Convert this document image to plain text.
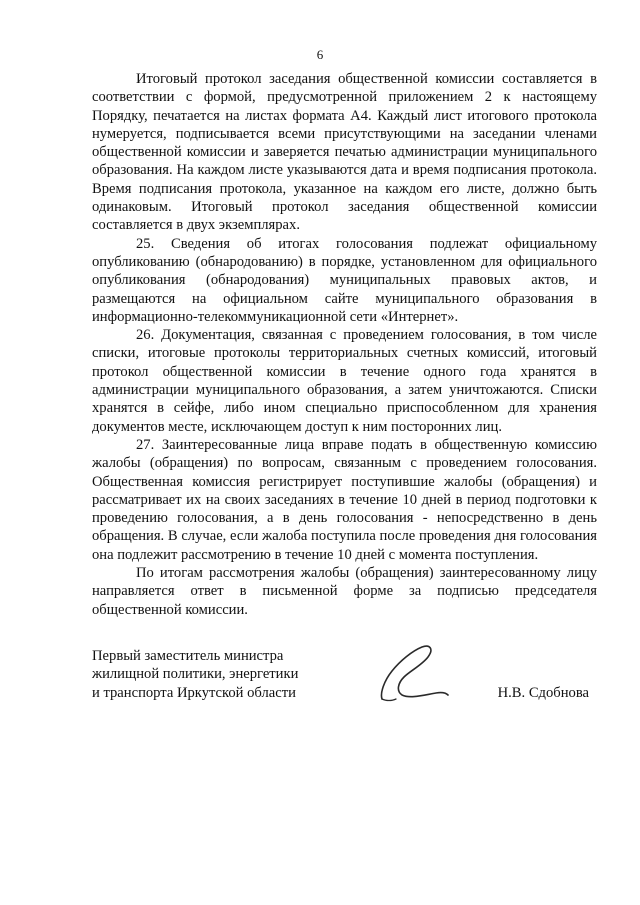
6

Итоговый протокол заседания общественной комиссии составляется в соответствии с формой, предусмотренной приложением 2 к настоящему Порядку, печатается на листах формата А4. Каждый лист итогового протокола нумеруется, подписывается всеми присутствующими на заседании членами общественной комиссии и заверяется печатью администрации муниципального образования. На каждом листе указываются дата и время подписания протокола. Время подписания протокола, указанное на каждом его листе, должно быть одинаковым. Итоговый протокол заседания общественной комиссии составляется в двух экземплярах.

25. Сведения об итогах голосования подлежат официальному опубликованию (обнародованию) в порядке, установленном для официального опубликования (обнародования) муниципальных правовых актов, и размещаются на официальном сайте муниципального образования в информационно-телекоммуникационной сети «Интернет».

26. Документация, связанная с проведением голосования, в том числе списки, итоговые протоколы территориальных счетных комиссий, итоговый протокол общественной комиссии в течение одного года хранятся в администрации муниципального образования, а затем уничтожаются. Списки хранятся в сейфе, либо ином специально приспособленном для хранения документов месте, исключающем доступ к ним посторонних лиц.

27. Заинтересованные лица вправе подать в общественную комиссию жалобы (обращения) по вопросам, связанным с проведением голосования. Общественная комиссия регистрирует поступившие жалобы (обращения) и рассматривает их на своих заседаниях в течение 10 дней в период подготовки к проведению голосования, а в день голосования - непосредственно в день обращения. В случае, если жалоба поступила после проведения дня голосования она подлежит рассмотрению в течение 10 дней с момента поступления.

По итогам рассмотрения жалобы (обращения) заинтересованному лицу направляется ответ в письменной форме за подписью председателя общественной комиссии.

Первый заместитель министра
жилищной политики, энергетики
и транспорта Иркутской области	Н.В. Сдобнова
